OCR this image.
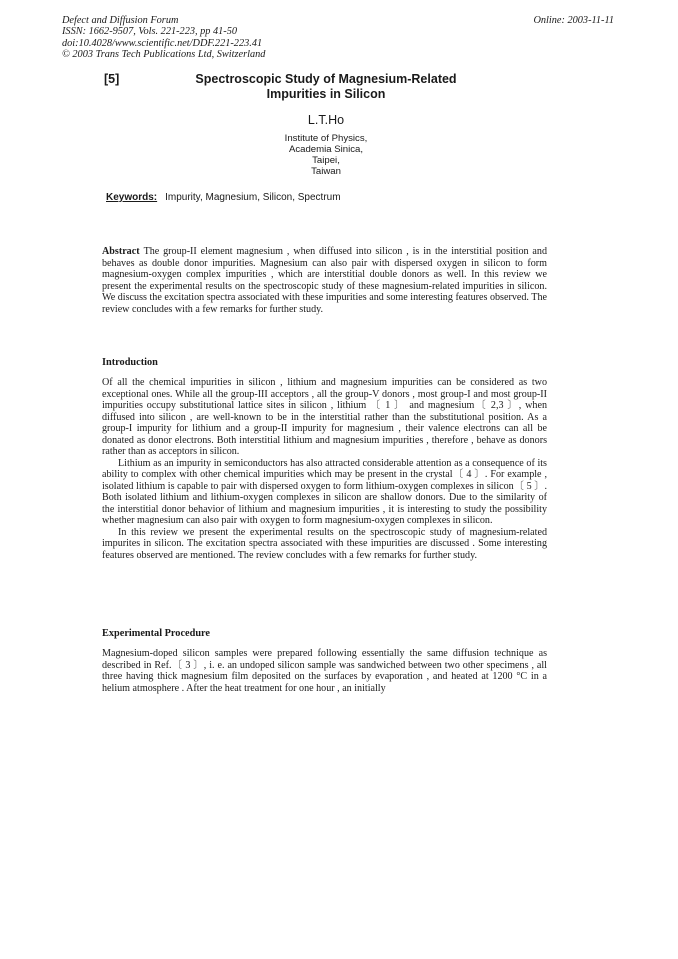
Defect and Diffusion Forum
ISSN: 1662-9507, Vols. 221-223, pp 41-50
doi:10.4028/www.scientific.net/DDF.221-223.41
© 2003 Trans Tech Publications Ltd, Switzerland
Online: 2003-11-11
[5]	Spectroscopic Study of Magnesium-Related
Impurities in Silicon
L.T.Ho
Institute of Physics,
Academia Sinica,
Taipei,
Taiwan
Keywords: Impurity, Magnesium, Silicon, Spectrum

Abstract The group-II element magnesium , when diffused into silicon , is in the interstitial position and behaves as double donor impurities. Magnesium can also pair with dispersed oxygen in silicon to form magnesium-oxygen complex impurities , which are interstitial double donors as well. In this review we present the experimental results on the spectroscopic study of these magnesium-related impurities in silicon. We discuss the excitation spectra associated with these impurities and some interesting features observed. The review concludes with a few remarks for further study.

Introduction

Of all the chemical impurities in silicon , lithium and magnesium impurities can be considered as two exceptional ones. While all the group-III acceptors , all the group-V donors , most group-I and most group-II impurities occupy substitutional lattice sites in silicon , lithium 〔 1 〕 and magnesium〔 2,3 〕, when diffused into silicon , are well-known to be in the interstitial rather than the substitutional position. As a group-I impurity for lithium and a group-II impurity for magnesium , their valence electrons can all be donated as donor electrons. Both interstitial lithium and magnesium impurities , therefore , behave as donors rather than as acceptors in silicon.

Lithium as an impurity in semiconductors has also attracted considerable attention as a consequence of its ability to complex with other chemical impurities which may be present in the crystal〔 4 〕. For example , isolated lithium is capable to pair with dispersed oxygen to form lithium-oxygen complexes in silicon〔 5 〕. Both isolated lithium and lithium-oxygen complexes in silicon are shallow donors. Due to the similarity of the interstitial donor behavior of lithium and magnesium impurities , it is interesting to study the possibility whether magnesium can also pair with oxygen to form magnesium-oxygen complexes in silicon.

In this review we present the experimental results on the spectroscopic study of magnesium-related impurites in silicon. The excitation spectra associated with these impurities are discussed . Some interesting features observed are mentioned. The review concludes with a few remarks for further study.

Experimental Procedure

Magnesium-doped silicon samples were prepared following essentially the same diffusion technique as described in Ref.〔 3 〕, i. e. an undoped silicon sample was sandwiched between two other specimens , all three having thick magnesium film deposited on the surfaces by evaporation , and heated at 1200 °C in a helium atmosphere . After the heat treatment for one hour , an initially
